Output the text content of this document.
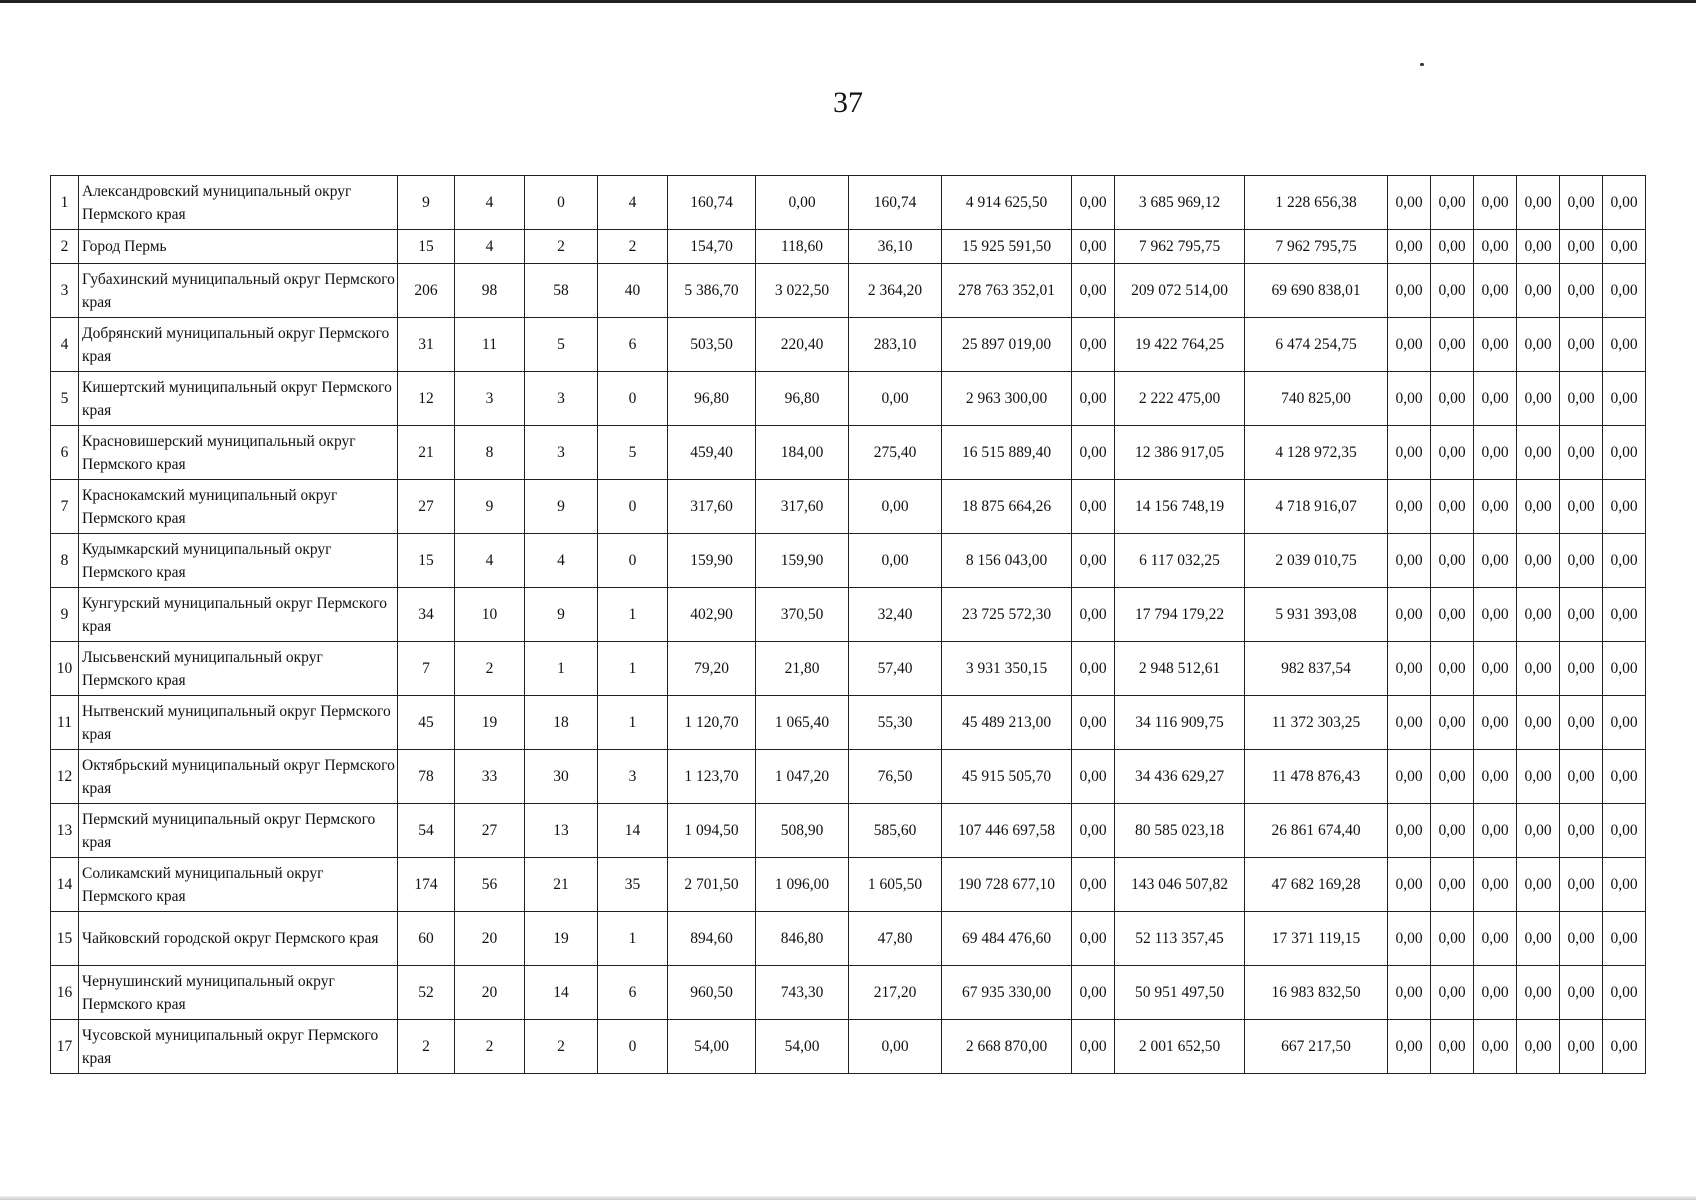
37
1	Александровский муниципальный округ Пермского края	9	4	0	4	160,74	0,00	160,74	4 914 625,50	0,00	3 685 969,12	1 228 656,38	0,00	0,00	0,00	0,00	0,00	0,00
2	Город Пермь	15	4	2	2	154,70	118,60	36,10	15 925 591,50	0,00	7 962 795,75	7 962 795,75	0,00	0,00	0,00	0,00	0,00	0,00
3	Губахинский муниципальный округ Пермского края	206	98	58	40	5 386,70	3 022,50	2 364,20	278 763 352,01	0,00	209 072 514,00	69 690 838,01	0,00	0,00	0,00	0,00	0,00	0,00
4	Добрянский муниципальный округ Пермского края	31	11	5	6	503,50	220,40	283,10	25 897 019,00	0,00	19 422 764,25	6 474 254,75	0,00	0,00	0,00	0,00	0,00	0,00
5	Кишертский муниципальный округ Пермского края	12	3	3	0	96,80	96,80	0,00	2 963 300,00	0,00	2 222 475,00	740 825,00	0,00	0,00	0,00	0,00	0,00	0,00
6	Красновишерский муниципальный округ Пермского края	21	8	3	5	459,40	184,00	275,40	16 515 889,40	0,00	12 386 917,05	4 128 972,35	0,00	0,00	0,00	0,00	0,00	0,00
7	Краснокамский муниципальный округ Пермского края	27	9	9	0	317,60	317,60	0,00	18 875 664,26	0,00	14 156 748,19	4 718 916,07	0,00	0,00	0,00	0,00	0,00	0,00
8	Кудымкарский муниципальный округ Пермского края	15	4	4	0	159,90	159,90	0,00	8 156 043,00	0,00	6 117 032,25	2 039 010,75	0,00	0,00	0,00	0,00	0,00	0,00
9	Кунгурский муниципальный округ Пермского края	34	10	9	1	402,90	370,50	32,40	23 725 572,30	0,00	17 794 179,22	5 931 393,08	0,00	0,00	0,00	0,00	0,00	0,00
10	Лысьвенский муниципальный округ Пермского края	7	2	1	1	79,20	21,80	57,40	3 931 350,15	0,00	2 948 512,61	982 837,54	0,00	0,00	0,00	0,00	0,00	0,00
11	Нытвенский муниципальный округ Пермского края	45	19	18	1	1 120,70	1 065,40	55,30	45 489 213,00	0,00	34 116 909,75	11 372 303,25	0,00	0,00	0,00	0,00	0,00	0,00
12	Октябрьский муниципальный округ Пермского края	78	33	30	3	1 123,70	1 047,20	76,50	45 915 505,70	0,00	34 436 629,27	11 478 876,43	0,00	0,00	0,00	0,00	0,00	0,00
13	Пермский муниципальный округ Пермского края	54	27	13	14	1 094,50	508,90	585,60	107 446 697,58	0,00	80 585 023,18	26 861 674,40	0,00	0,00	0,00	0,00	0,00	0,00
14	Соликамский муниципальный округ Пермского края	174	56	21	35	2 701,50	1 096,00	1 605,50	190 728 677,10	0,00	143 046 507,82	47 682 169,28	0,00	0,00	0,00	0,00	0,00	0,00
15	Чайковский городской округ Пермского края	60	20	19	1	894,60	846,80	47,80	69 484 476,60	0,00	52 113 357,45	17 371 119,15	0,00	0,00	0,00	0,00	0,00	0,00
16	Чернушинский муниципальный округ Пермского края	52	20	14	6	960,50	743,30	217,20	67 935 330,00	0,00	50 951 497,50	16 983 832,50	0,00	0,00	0,00	0,00	0,00	0,00
17	Чусовской муниципальный округ Пермского края	2	2	2	0	54,00	54,00	0,00	2 668 870,00	0,00	2 001 652,50	667 217,50	0,00	0,00	0,00	0,00	0,00	0,00
